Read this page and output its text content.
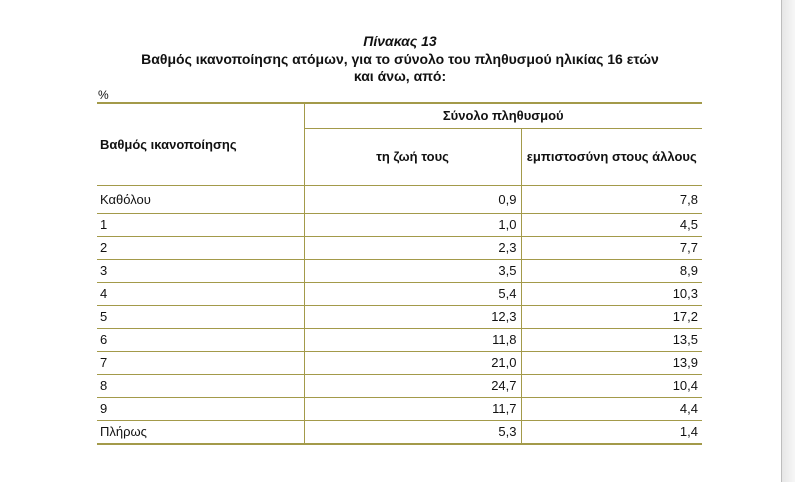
Πίνακας 13
Βαθμός ικανοποίησης ατόμων, για το σύνολο του πληθυσμού ηλικίας 16 ετών
και άνω, από:
%
Βαθμός ικανοποίησης	Σύνολο πληθυσμού	
	τη ζωή τους	εμπιστοσύνη στους άλλους
Καθόλου	0,9	7,8
1	1,0	4,5
2	2,3	7,7
3	3,5	8,9
4	5,4	10,3
5	12,3	17,2
6	11,8	13,5
7	21,0	13,9
8	24,7	10,4
9	11,7	4,4
Πλήρως	5,3	1,4
